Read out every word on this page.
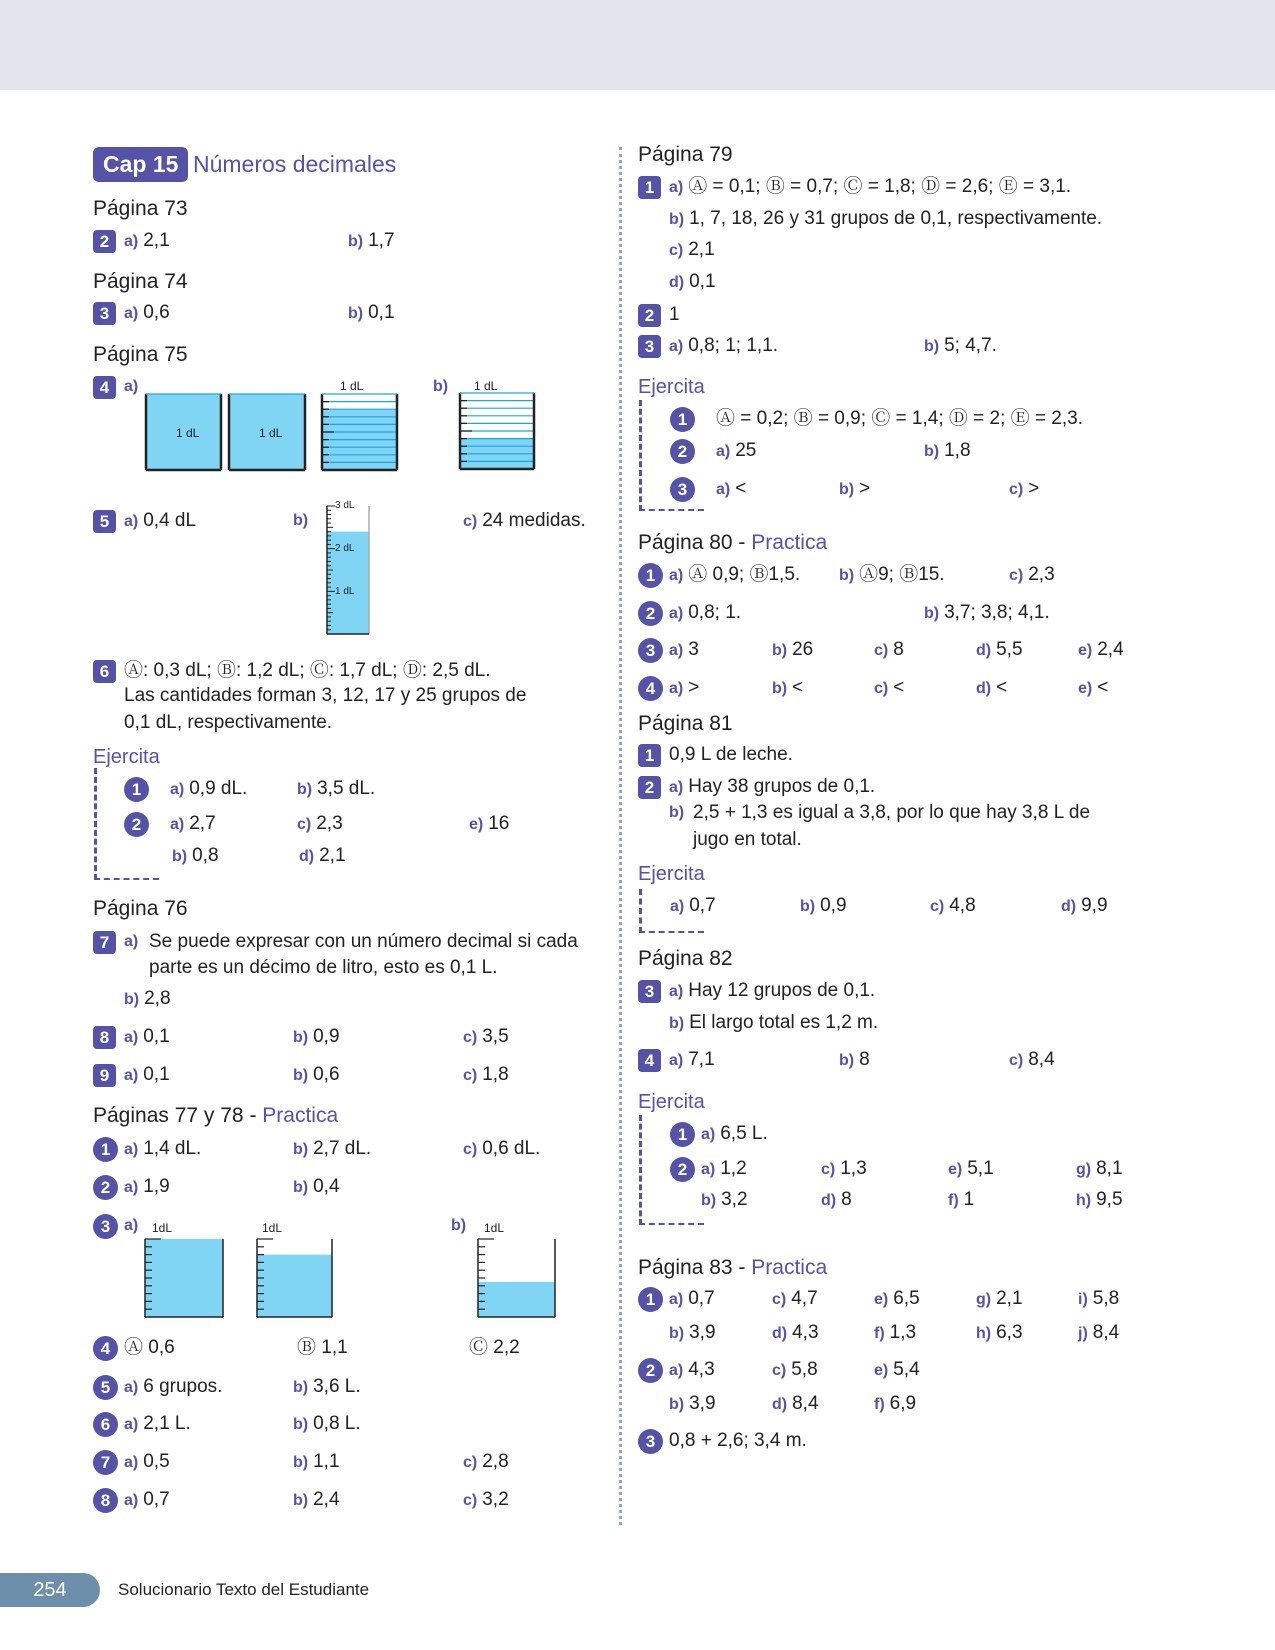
Cap 15 Números decimales
Página 73
2 a) 2,1	b) 1,7
Página 74
3 a) 0,6	b) 0,1
Página 75
4 a)	b)
5 a) 0,4 dL	b)	c) 24 medidas.
6 Ⓐ: 0,3 dL; Ⓑ: 1,2 dL; Ⓒ: 1,7 dL; Ⓓ: 2,5 dL.
Las cantidades forman 3, 12, 17 y 25 grupos de
0,1 dL, respectivamente.
Ejercita
1	a) 0,9 dL.	b) 3,5 dL.
2	a) 2,7	c) 2,3	e) 16
b) 0,8	d) 2,1
Página 76
7 a) Se puede expresar con un número decimal si cada
parte es un décimo de litro, esto es 0,1 L.
b) 2,8
8 a) 0,1	b) 0,9	c) 3,5
9 a) 0,1	b) 0,6	c) 1,8
Páginas 77 y 78 - Practica
1 a) 1,4 dL.	b) 2,7 dL.	c) 0,6 dL.
2 a) 1,9	b) 0,4
3 a)	b)
4 Ⓐ 0,6	Ⓑ 1,1	Ⓒ 2,2
5 a) 6 grupos.	b) 3,6 L.
6 a) 2,1 L.	b) 0,8 L.
7 a) 0,5	b) 1,1	c) 2,8
8 a) 0,7	b) 2,4	c) 3,2
Página 79
1 a) Ⓐ = 0,1; Ⓑ = 0,7; Ⓒ = 1,8; Ⓓ = 2,6; Ⓔ = 3,1.
b) 1, 7, 18, 26 y 31 grupos de 0,1, respectivamente.
c) 2,1
d) 0,1
2 1
3 a) 0,8; 1; 1,1.	b) 5; 4,7.
Ejercita
1	Ⓐ = 0,2; Ⓑ = 0,9; Ⓒ = 1,4; Ⓓ = 2; Ⓔ = 2,3.
2	a) 25	b) 1,8
3	a) <	b) >	c) >
Página 80 - Practica
1 a) Ⓐ 0,9; Ⓑ1,5. b) Ⓐ9; Ⓑ15.	c) 2,3
2 a) 0,8; 1.	b) 3,7; 3,8; 4,1.
3 a) 3	b) 26	c) 8	d) 5,5	e) 2,4
4 a) >	b) <	c) <	d) <	e) <
Página 81
1 0,9 L de leche.
2 a) Hay 38 grupos de 0,1.
b) 2,5 + 1,3 es igual a 3,8, por lo que hay 3,8 L de
jugo en total.
Ejercita
a) 0,7	b) 0,9	c) 4,8	d) 9,9
Página 82
3 a) Hay 12 grupos de 0,1.
b) El largo total es 1,2 m.
4 a) 7,1	b) 8	c) 8,4
Ejercita
1 a) 6,5 L.
2 a) 1,2	c) 1,3	e) 5,1	g) 8,1
b) 3,2	d) 8	f) 1	h) 9,5
Página 83 - Practica
1 a) 0,7	c) 4,7	e) 6,5	g) 2,1	i) 5,8
b) 3,9	d) 4,3	f) 1,3	h) 6,3	j) 8,4
2 a) 4,3	c) 5,8	e) 5,4
b) 3,9	d) 8,4	f) 6,9
3 0,8 + 2,6; 3,4 m.
1 dL	1 dL
1 dL	1 dL
3 dL
2 dL
1 dL
1dL	1dL	1dL
254	Solucionario Texto del Estudiante
